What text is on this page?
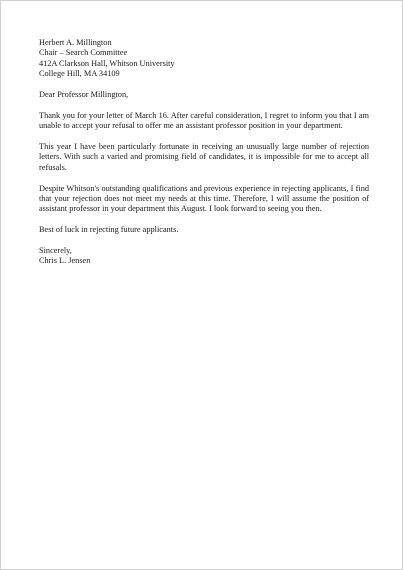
Herbert A. Millington
Chair – Search Committee
412A Clarkson Hall, Whitson University
College Hill, MA 34109
Dear Professor Millington,

Thank you for your letter of March 16. After careful consideration, I regret to inform you that I am unable to accept your refusal to offer me an assistant professor position in your department.

This year I have been particularly fortunate in receiving an unusually large number of rejection letters. With such a varied and promising field of candidates, it is impossible for me to accept all refusals.

Despite Whitson's outstanding qualifications and previous experience in rejecting applicants, I find that your rejection does not meet my needs at this time. Therefore, I will assume the position of assistant professor in your department this August. I look forward to seeing you then.

Best of luck in rejecting future applicants.

Sincerely,
Chris L. Jensen
